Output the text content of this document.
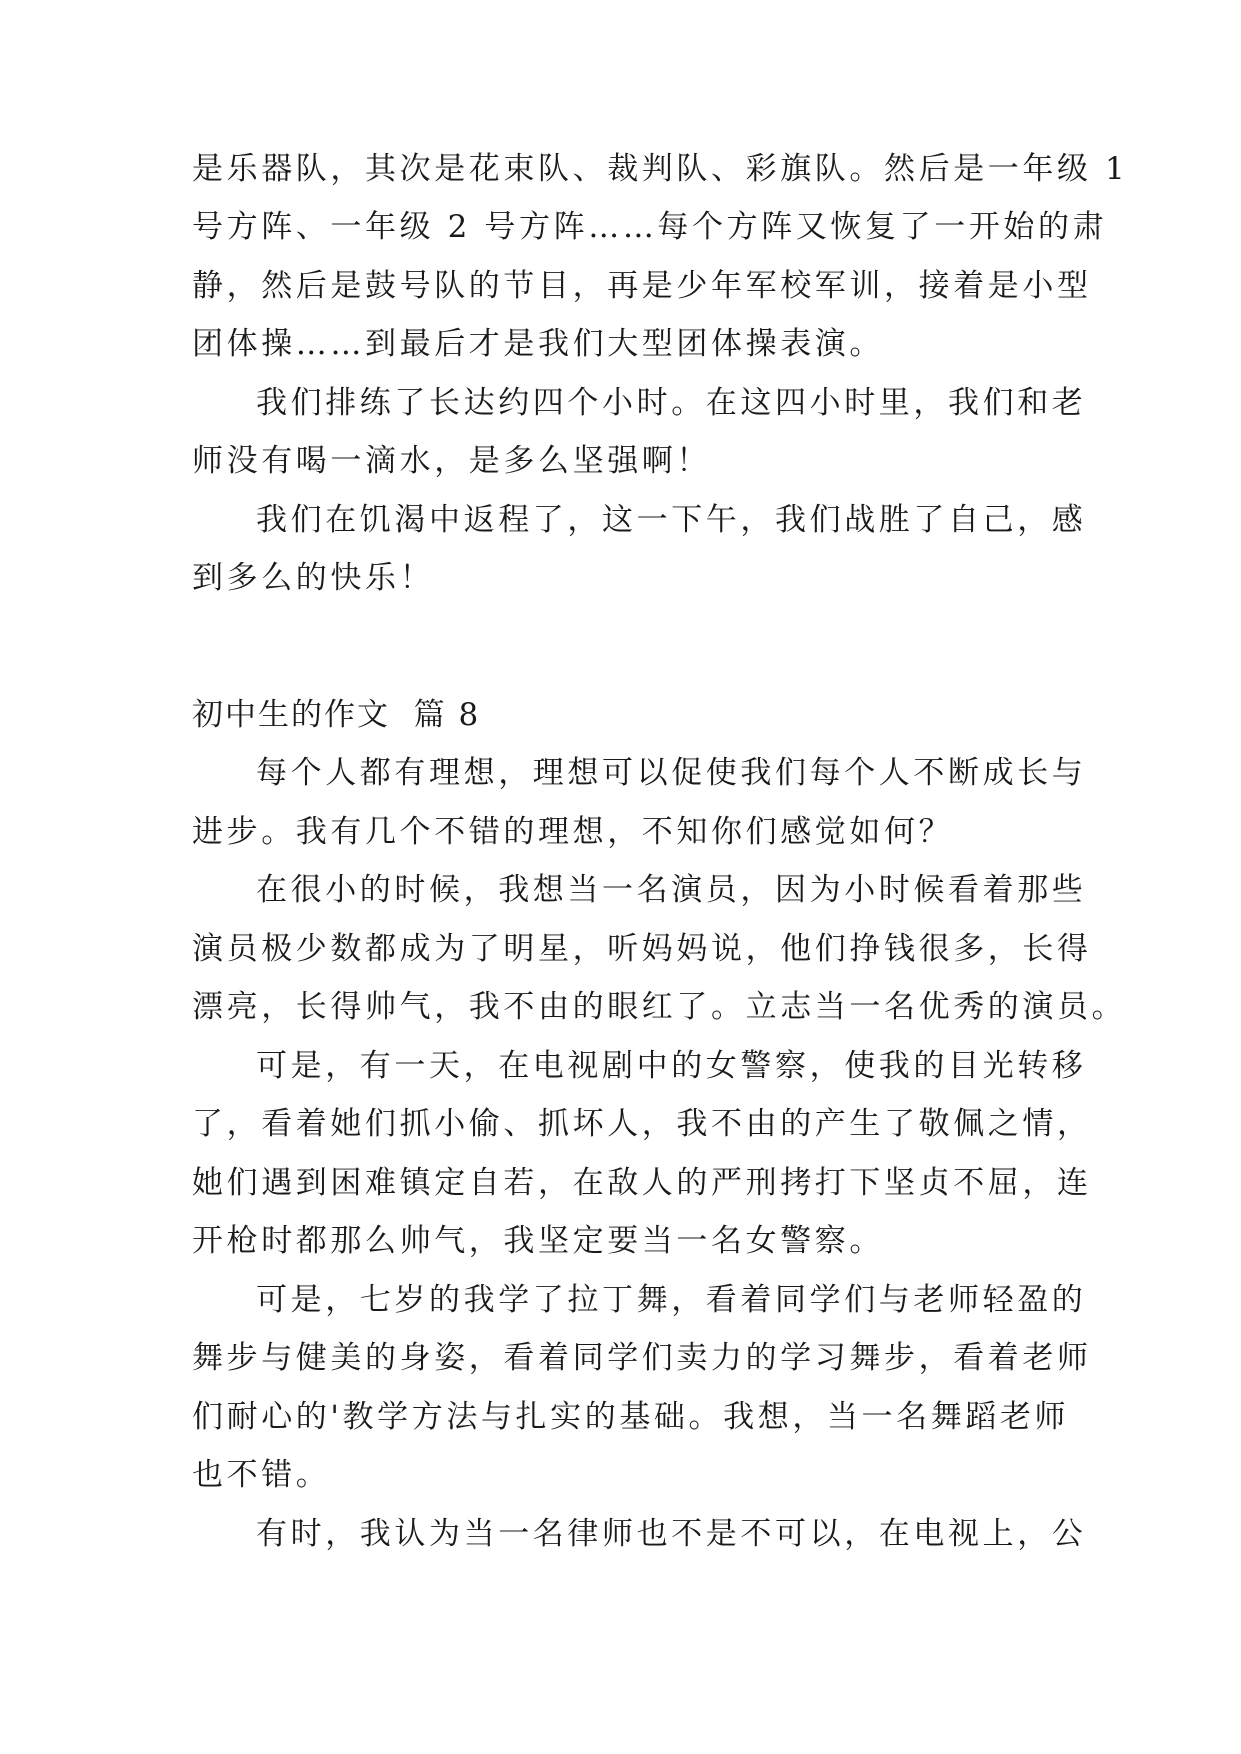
是乐器队，其次是花束队、裁判队、彩旗队。然后是一年级 1
号方阵、一年级 2 号方阵……每个方阵又恢复了一开始的肃
静，然后是鼓号队的节目，再是少年军校军训，接着是小型
团体操……到最后才是我们大型团体操表演。
我们排练了长达约四个小时。在这四小时里，我们和老
师没有喝一滴水，是多么坚强啊！
我们在饥渴中返程了，这一下午，我们战胜了自己，感
到多么的快乐！
初中生的作文  篇 8
每个人都有理想，理想可以促使我们每个人不断成长与
进步。我有几个不错的理想，不知你们感觉如何？
在很小的时候，我想当一名演员，因为小时候看着那些
演员极少数都成为了明星，听妈妈说，他们挣钱很多，长得
漂亮，长得帅气，我不由的眼红了。立志当一名优秀的演员。
可是，有一天，在电视剧中的女警察，使我的目光转移
了，看着她们抓小偷、抓坏人，我不由的产生了敬佩之情，
她们遇到困难镇定自若，在敌人的严刑拷打下坚贞不屈，连
开枪时都那么帅气，我坚定要当一名女警察。
可是，七岁的我学了拉丁舞，看着同学们与老师轻盈的
舞步与健美的身姿，看着同学们卖力的学习舞步，看着老师
们耐心的'教学方法与扎实的基础。我想，当一名舞蹈老师
也不错。
有时，我认为当一名律师也不是不可以，在电视上，公
